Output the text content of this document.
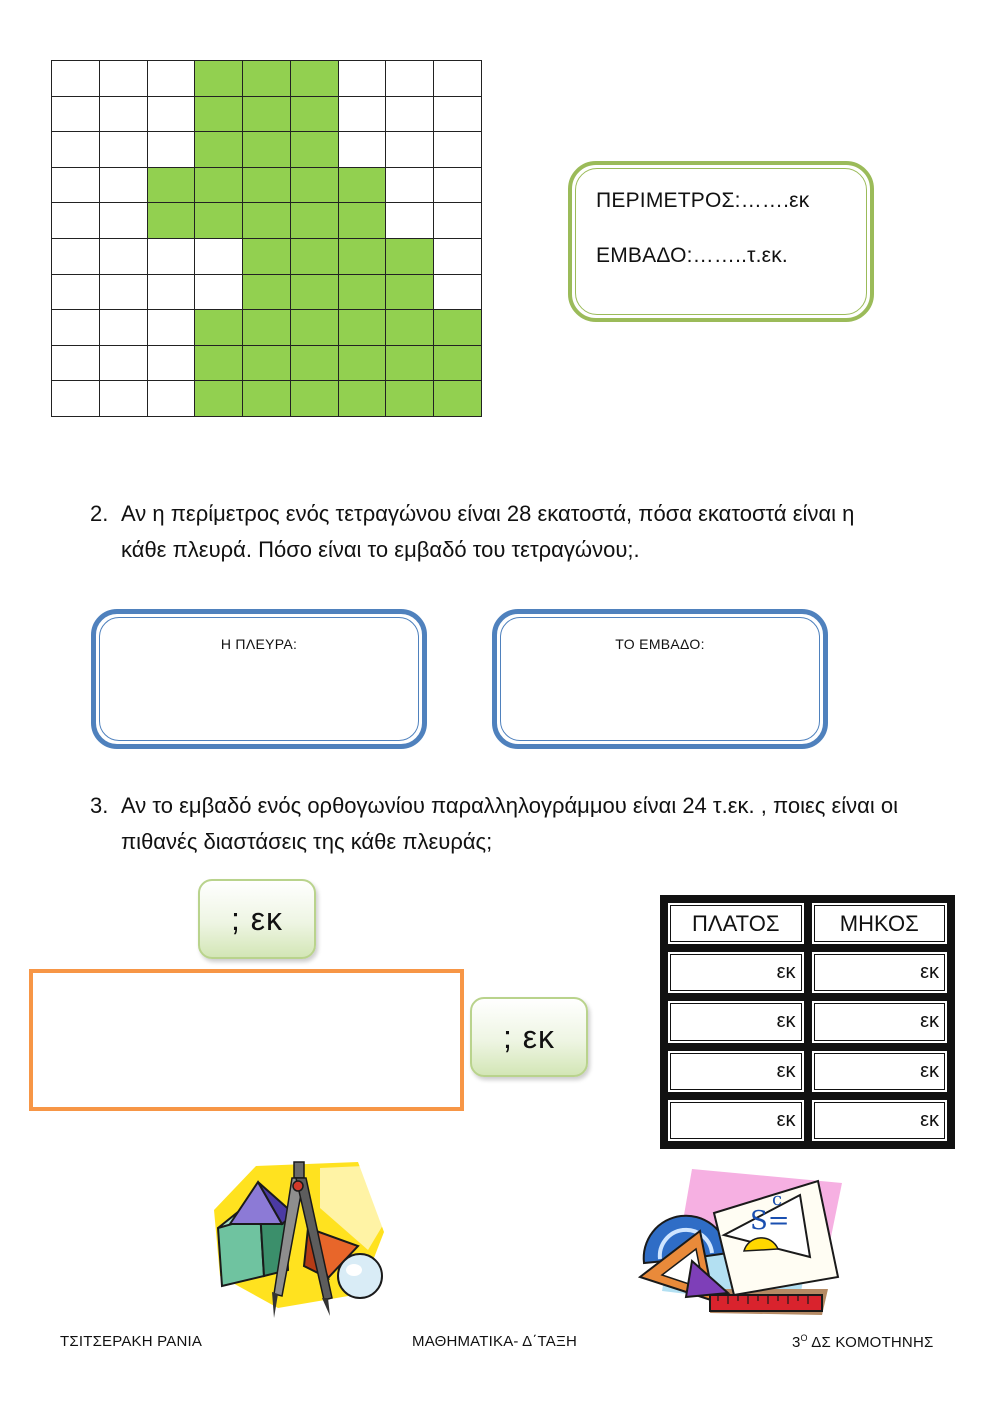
ΠΕΡΙΜΕΤΡΟΣ:…….εκ
ΕΜΒΑΔΟ:……..τ.εκ.
2. Αν η περίμετρος ενός τετραγώνου είναι 28 εκατοστά, πόσα εκατοστά είναι η κάθε πλευρά. Πόσο είναι το εμβαδό του τετραγώνου;.
Η ΠΛΕΥΡΑ:	ΤΟ ΕΜΒΑΔΟ:
3. Αν το εμβαδό ενός ορθογωνίου παραλληλογράμμου είναι 24 τ.εκ. , ποιες είναι οι πιθανές διαστάσεις της κάθε πλευράς;
; εκ
; εκ
ΠΛΑΤΟΣ	ΜΗΚΟΣ
εκ	εκ
εκ	εκ
εκ	εκ
εκ	εκ
S=
c
ΤΣΙΤΣΕΡΑΚΗ ΡΑΝΙΑ	ΜΑΘΗΜΑΤΙΚΑ- Δ΄ΤΑΞΗ	$3^O$ ΔΣ ΚΟΜΟΤΗΝΗΣ
